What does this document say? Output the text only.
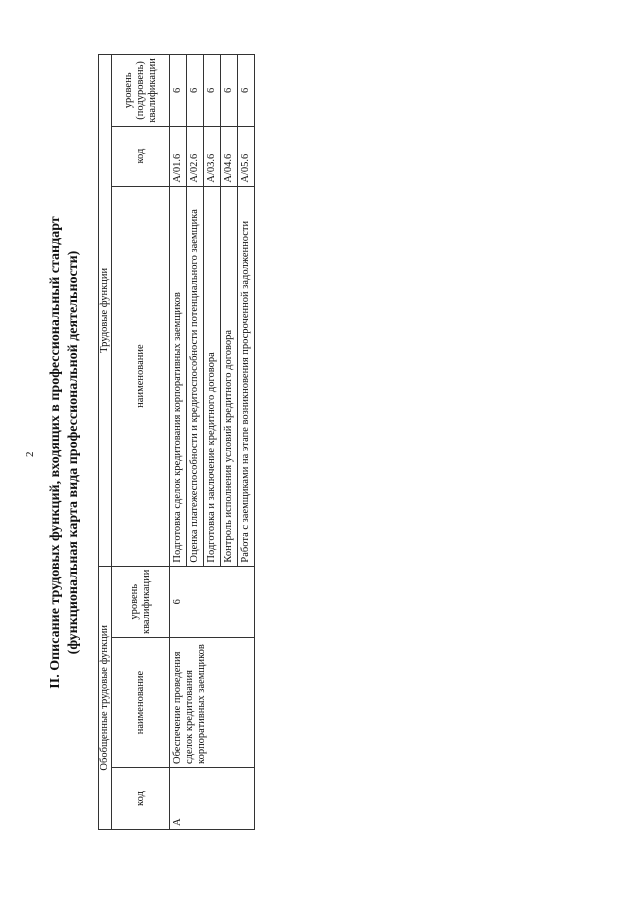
2 II. Описание трудовых функций, входящих в профессиональный стандарт (функциональная карта вида профессиональной деятельности)
Обобщенные трудовые функции			Трудовые функции		
код	наименование	уровень квалификации	наименование	код	уровень (подуровень) квалификации
A	Обеспечение проведения сделок кредитования корпоративных заемщиков	6	Подготовка сделок кредитования корпоративных заемщиков	A/01.6	6
			Оценка платежеспособности и кредитоспособности потенциального заемщика	A/02.6	6
			Подготовка и заключение кредитного договора	A/03.6	6
			Контроль исполнения условий кредитного договора	A/04.6	6
			Работа с заемщиками на этапе возникновения просроченной задолженности	A/05.6	6
